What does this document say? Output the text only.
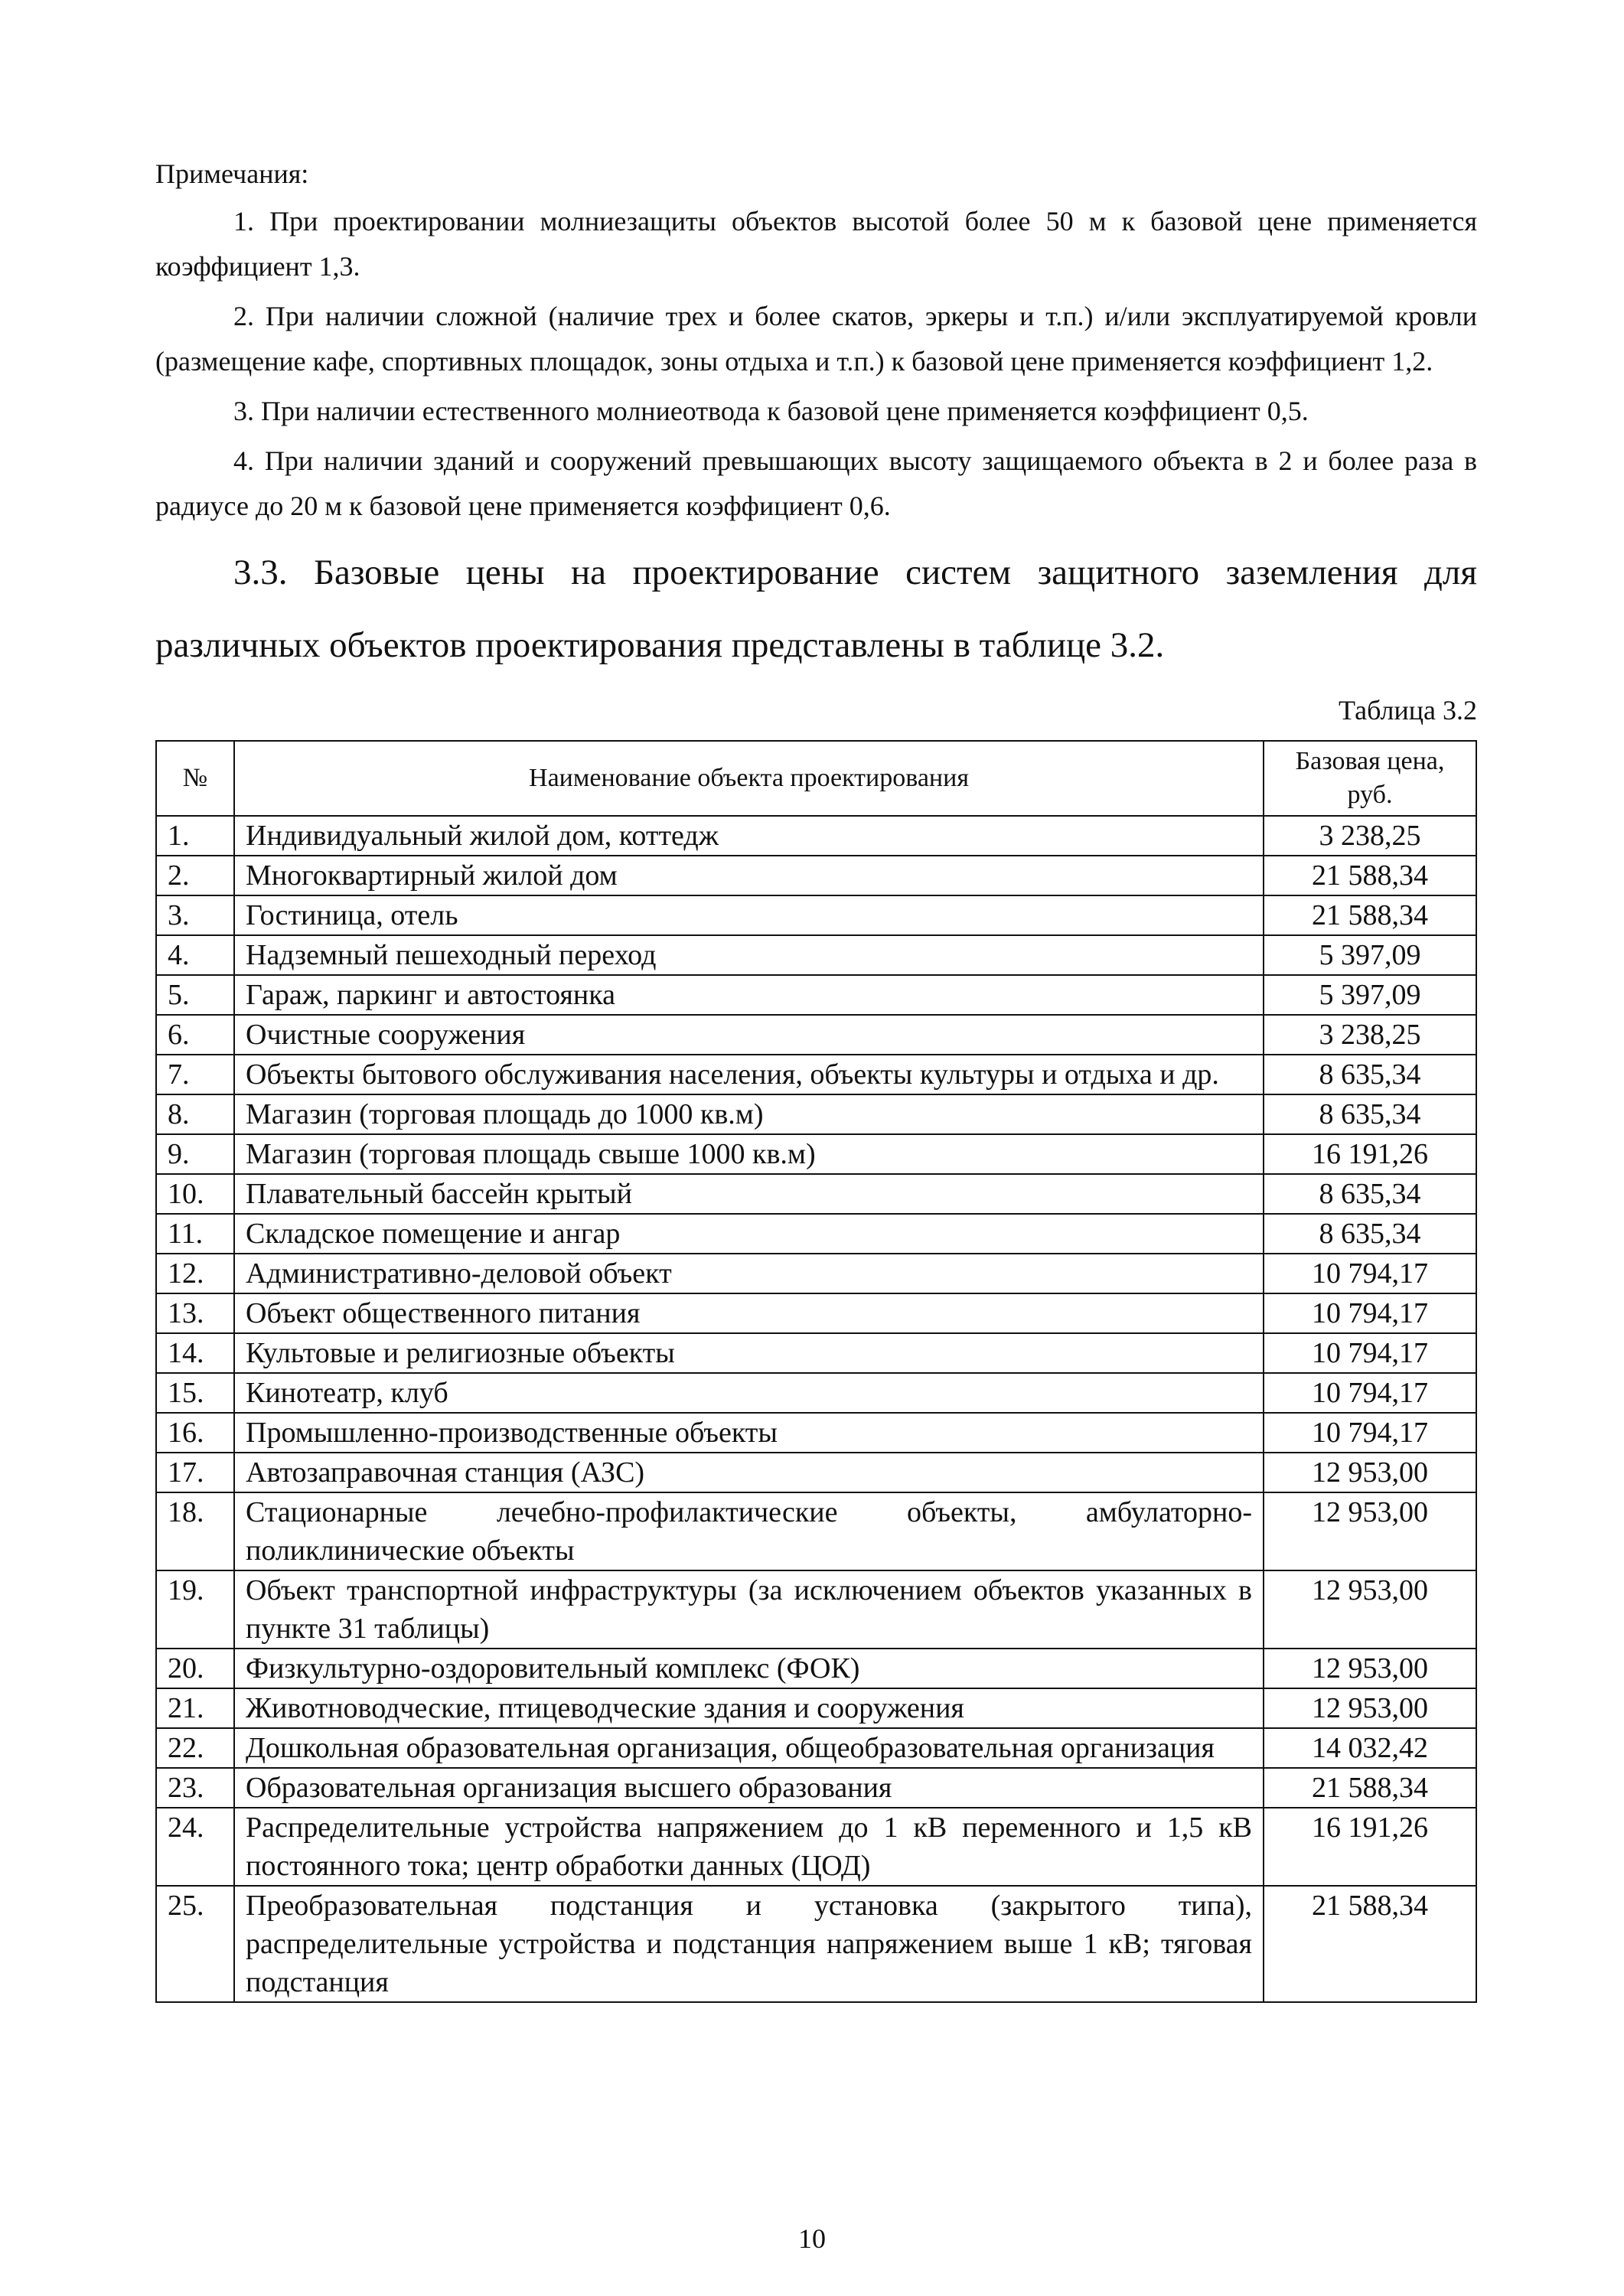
Примечания:

1. При проектировании молниезащиты объектов высотой более 50 м к базовой цене применяется коэффициент 1,3.

2. При наличии сложной (наличие трех и более скатов, эркеры и т.п.) и/или эксплуатируемой кровли (размещение кафе, спортивных площадок, зоны отдыха и т.п.) к базовой цене применяется коэффициент 1,2.

3. При наличии естественного молниеотвода к базовой цене применяется коэффициент 0,5.

4. При наличии зданий и сооружений превышающих высоту защищаемого объекта в 2 и более раза в радиусе до 20 м к базовой цене применяется коэффициент 0,6.

3.3. Базовые цены на проектирование систем защитного заземления для различных объектов проектирования представлены в таблице 3.2.

Таблица 3.2

№	Наименование объекта проектирования	Базовая цена, руб.
1.	Индивидуальный жилой дом, коттедж	3 238,25
2.	Многоквартирный жилой дом	21 588,34
3.	Гостиница, отель	21 588,34
4.	Надземный пешеходный переход	5 397,09
5.	Гараж, паркинг и автостоянка	5 397,09
6.	Очистные сооружения	3 238,25
7.	Объекты бытового обслуживания населения, объекты культуры и отдыха и др.	8 635,34
8.	Магазин (торговая площадь до 1000 кв.м)	8 635,34
9.	Магазин (торговая площадь свыше 1000 кв.м)	16 191,26
10.	Плавательный бассейн крытый	8 635,34
11.	Складское помещение и ангар	8 635,34
12.	Административно-деловой объект	10 794,17
13.	Объект общественного питания	10 794,17
14.	Культовые и религиозные объекты	10 794,17
15.	Кинотеатр, клуб	10 794,17
16.	Промышленно-производственные объекты	10 794,17
17.	Автозаправочная станция (АЗС)	12 953,00
18.	Стационарные лечебно-профилактические объекты, амбулаторно-поликлинические объекты	12 953,00
19.	Объект транспортной инфраструктуры (за исключением объектов указанных в пункте 31 таблицы)	12 953,00
20.	Физкультурно-оздоровительный комплекс (ФОК)	12 953,00
21.	Животноводческие, птицеводческие здания и сооружения	12 953,00
22.	Дошкольная образовательная организация, общеобразовательная организация	14 032,42
23.	Образовательная организация высшего образования	21 588,34
24.	Распределительные устройства напряжением до 1 кВ переменного и 1,5 кВ постоянного тока; центр обработки данных (ЦОД)	16 191,26
25.	Преобразовательная подстанция и установка (закрытого типа), распределительные устройства и подстанция напряжением выше 1 кВ; тяговая подстанция	21 588,34
10
